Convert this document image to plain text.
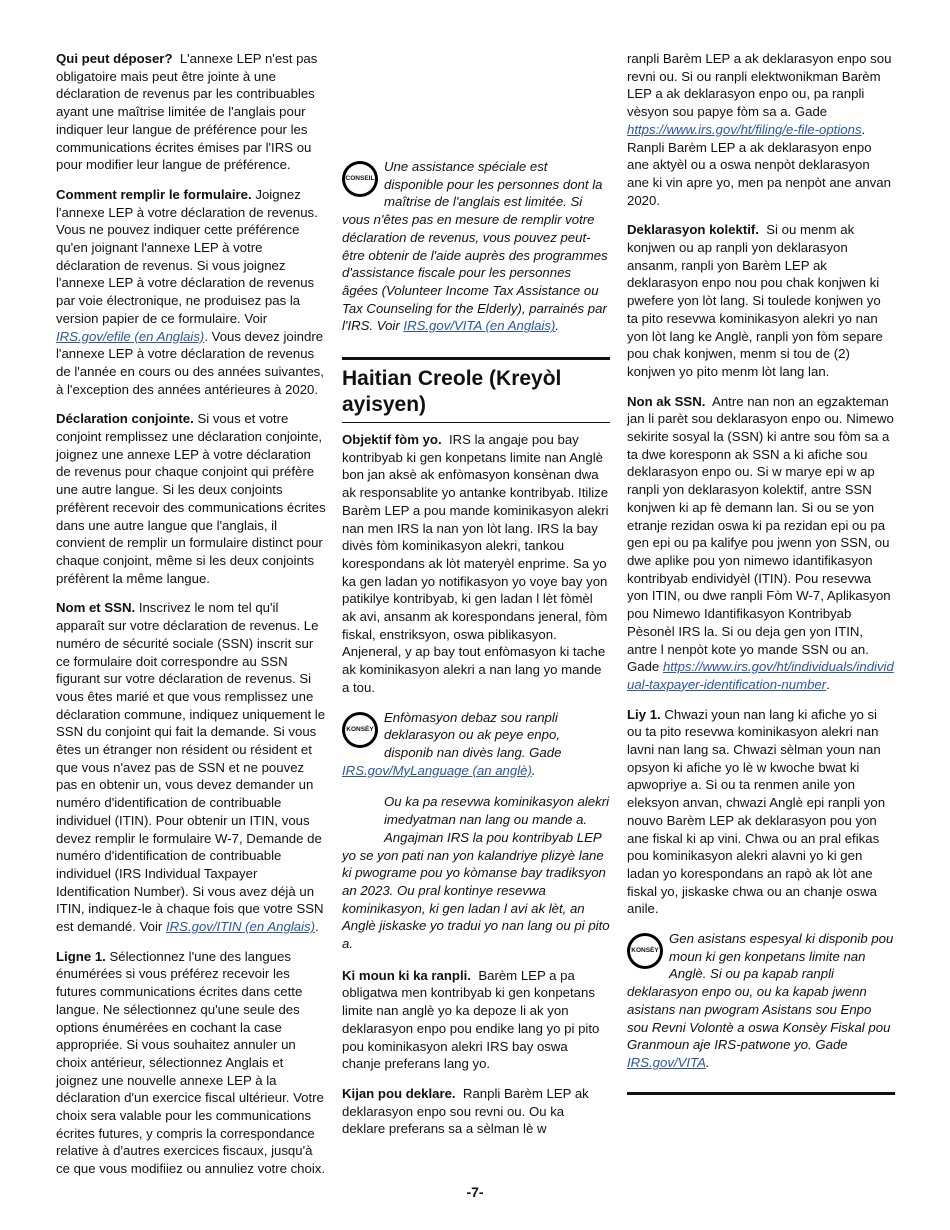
Qui peut déposer? L'annexe LEP n'est pas obligatoire mais peut être jointe à une déclaration de revenus par les contribuables ayant une maîtrise limitée de l'anglais pour indiquer leur langue de préférence pour les communications écrites émises par l'IRS ou pour modifier leur langue de préférence.

Comment remplir le formulaire. Joignez l'annexe LEP à votre déclaration de revenus. Vous ne pouvez indiquer cette préférence qu'en joignant l'annexe LEP à votre déclaration de revenus. Si vous joignez l'annexe LEP à votre déclaration de revenus par voie électronique, ne produisez pas la version papier de ce formulaire. Voir IRS.gov/efile (en Anglais). Vous devez joindre l'annexe LEP à votre déclaration de revenus de l'année en cours ou des années suivantes, à l'exception des années antérieures à 2020.

Déclaration conjointe. Si vous et votre conjoint remplissez une déclaration conjointe, joignez une annexe LEP à votre déclaration de revenus pour chaque conjoint qui préfère une autre langue. Si les deux conjoints préfèrent recevoir des communications écrites dans une autre langue que l'anglais, il convient de remplir un formulaire distinct pour chaque conjoint, même si les deux conjoints préfèrent la même langue.

Nom et SSN. Inscrivez le nom tel qu'il apparaît sur votre déclaration de revenus. Le numéro de sécurité sociale (SSN) inscrit sur ce formulaire doit correspondre au SSN figurant sur votre déclaration de revenus. Si vous êtes marié et que vous remplissez une déclaration commune, indiquez uniquement le SSN du conjoint qui fait la demande. Si vous êtes un étranger non résident ou résident et que vous n'avez pas de SSN et ne pouvez pas en obtenir un, vous devez demander un numéro d'identification de contribuable individuel (ITIN). Pour obtenir un ITIN, vous devez remplir le formulaire W-7, Demande de numéro d'identification de contribuable individuel (IRS Individual Taxpayer Identification Number). Si vous avez déjà un ITIN, indiquez-le à chaque fois que votre SSN est demandé. Voir IRS.gov/ITIN (en Anglais).

Ligne 1. Sélectionnez l'une des langues énumérées si vous préférez recevoir les futures communications écrites dans cette langue. Ne sélectionnez qu'une seule des options énumérées en cochant la case appropriée. Si vous souhaitez annuler un choix antérieur, sélectionnez Anglais et joignez une nouvelle annexe LEP à la déclaration d'un exercice fiscal ultérieur. Votre choix sera valable pour les communications écrites futures, y compris la correspondance relative à d'autres exercices fiscaux, jusqu'à ce que vous modifiiez ou annuliez votre choix.

CONSEIL
Une assistance spéciale est disponible pour les personnes dont la maîtrise de l'anglais est limitée. Si vous n'êtes pas en mesure de remplir votre déclaration de revenus, vous pouvez peut-être obtenir de l'aide auprès des programmes d'assistance fiscale pour les personnes âgées (Volunteer Income Tax Assistance ou Tax Counseling for the Elderly), parrainés par l'IRS. Voir IRS.gov/VITA (en Anglais).
Haitian Creole (Kreyòl ayisyen)

Objektif fòm yo. IRS la angaje pou bay kontribyab ki gen konpetans limite nan Anglè bon jan aksè ak enfòmasyon konsènan dwa ak responsablite yo antanke kontribyab. Itilize Barèm LEP a pou mande kominikasyon alekri nan men IRS la nan yon lòt lang. IRS la bay divès fòm kominikasyon alekri, tankou korespondans ak lòt materyèl enprime. Sa yo ka gen ladan yo notifikasyon yo voye bay yon patikilye kontribyab, ki gen ladan l lèt fòmèl ak avi, ansanm ak korespondans jeneral, fòm fiskal, enstriksyon, oswa piblikasyon. Anjeneral, y ap bay tout enfòmasyon ki tache ak kominikasyon alekri a nan lang yo mande a tou.

KONSÈY
Enfòmasyon debaz sou ranpli deklarasyon ou ak peye enpo, disponib nan divès lang. Gade IRS.gov/MyLanguage (an anglè).
!
ATANSYON
Ou ka pa resevwa kominikasyon alekri imedyatman nan lang ou mande a. Angajman IRS la pou kontribyab LEP yo se yon pati nan yon kalandriye plizyè lane ki pwograme pou yo kòmanse bay tradiksyon an 2023. Ou pral kontinye resevwa kominikasyon, ki gen ladan l avi ak lèt, an Anglè jiskaske yo tradui yo nan lang ou pi pito a.

Ki moun ki ka ranpli. Barèm LEP a pa obligatwa men kontribyab ki gen konpetans limite nan anglè yo ka depoze li ak yon deklarasyon enpo pou endike lang yo pi pito pou kominikasyon alekri IRS bay oswa chanje preferans lang yo.

Kijan pou deklare. Ranpli Barèm LEP ak deklarasyon enpo sou revni ou. Ou ka deklare preferans sa a sèlman lè w

ranpli Barèm LEP a ak deklarasyon enpo sou revni ou. Si ou ranpli elektwonikman Barèm LEP a ak deklarasyon enpo ou, pa ranpli vèsyon sou papye fòm sa a. Gade https://www.irs.gov/ht/filing/e-file-options. Ranpli Barèm LEP a ak deklarasyon enpo ane aktyèl ou a oswa nenpòt deklarasyon ane ki vin apre yo, men pa nenpòt ane anvan 2020.

Deklarasyon kolektif. Si ou menm ak konjwen ou ap ranpli yon deklarasyon ansanm, ranpli yon Barèm LEP ak deklarasyon enpo nou pou chak konjwen ki pwefere yon lòt lang. Si toulede konjwen yo ta pito resevwa kominikasyon alekri yo nan yon lòt lang ke Anglè, ranpli yon fòm separe pou chak konjwen, menm si tou de (2) konjwen yo pito menm lòt lang lan.

Non ak SSN. Antre nan non an egzakteman jan li parèt sou deklarasyon enpo ou. Nimewo sekirite sosyal la (SSN) ki antre sou fòm sa a ta dwe koresponn ak SSN a ki afiche sou deklarasyon enpo ou. Si w marye epi w ap ranpli yon deklarasyon kolektif, antre SSN konjwen ki ap fè demann lan. Si ou se yon etranje rezidan oswa ki pa rezidan epi ou pa gen epi ou pa kalifye pou jwenn yon SSN, ou dwe aplike pou yon nimewo idantifikasyon kontribyab endividyèl (ITIN). Pou resevwa yon ITIN, ou dwe ranpli Fòm W-7, Aplikasyon pou Nimewo Idantifikasyon Kontribyab Pèsonèl IRS la. Si ou deja gen yon ITIN, antre l nenpòt kote yo mande SSN ou an. Gade https://www.irs.gov/ht/individuals/individual-taxpayer-identification-number.

Liy 1. Chwazi youn nan lang ki afiche yo si ou ta pito resevwa kominikasyon alekri nan lavni nan lang sa. Chwazi sèlman youn nan opsyon ki afiche yo lè w kwoche bwat ki apwopriye a. Si ou ta renmen anile yon eleksyon anvan, chwazi Anglè epi ranpli yon nouvo Barèm LEP ak deklarasyon pou yon ane fiskal ki ap vini. Chwa ou an pral efikas pou kominikasyon alekri alavni yo ki gen ladan yo korespondans an rapò ak lòt ane fiskal yo, jiskaske chwa ou an chanje oswa anile.

KONSÈY
Gen asistans espesyal ki disponib pou moun ki gen konpetans limite nan Anglè. Si ou pa kapab ranpli deklarasyon enpo ou, ou ka kapab jwenn asistans nan pwogram Asistans sou Enpo sou Revni Volontè a oswa Konsèy Fiskal pou Granmoun aje IRS-patwone yo. Gade IRS.gov/VITA.
-7-
